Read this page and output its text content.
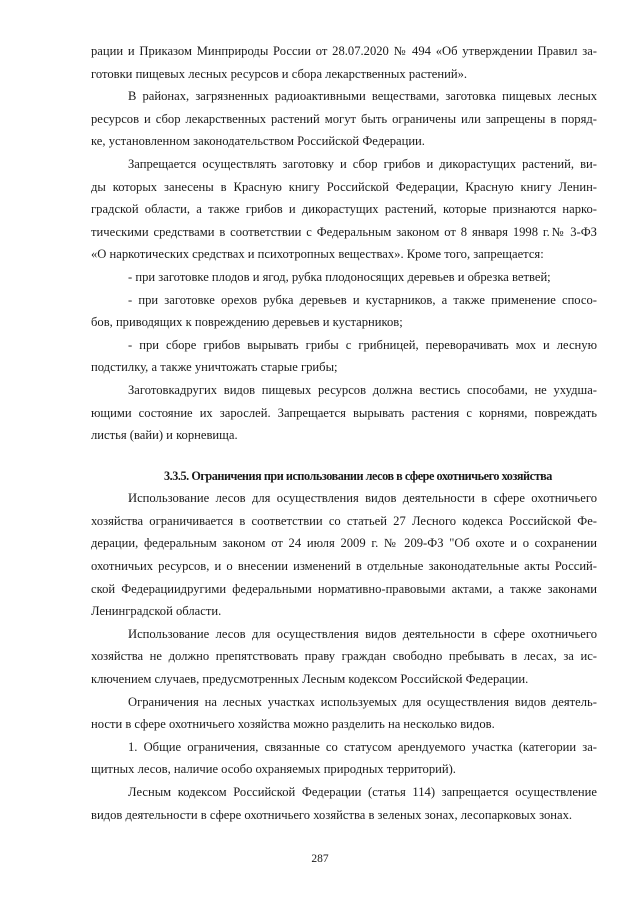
рации и Приказом Минприроды России от 28.07.2020 № 494 «Об утверждении Правил за-
готовки пищевых лесных ресурсов и сбора лекарственных растений».
В районах, загрязненных радиоактивными веществами, заготовка пищевых лесных
ресурсов и сбор лекарственных растений могут быть ограничены или запрещены в поряд-
ке, установленном законодательством Российской Федерации.
Запрещается осуществлять заготовку и сбор грибов и дикорастущих растений, ви-
ды которых занесены в Красную книгу Российской Федерации, Красную книгу Ленин-
градской области, а также грибов и дикорастущих растений, которые признаются нарко-
тическими средствами в соответствии с Федеральным законом от 8 января 1998 г.№ 3-ФЗ
«О наркотических средствах и психотропных веществах». Кроме того, запрещается:
- при заготовке плодов и ягод, рубка плодоносящих деревьев и обрезка ветвей;
- при заготовке орехов рубка деревьев и кустарников, а также применение спосо-
бов, приводящих к повреждению деревьев и кустарников;
- при сборе грибов вырывать грибы с грибницей, переворачивать мох и лесную
подстилку, а также уничтожать старые грибы;
Заготовкадругих видов пищевых ресурсов должна вестись способами, не ухудша-
ющими состояние их зарослей. Запрещается вырывать растения с корнями, повреждать
листья (вайи) и корневища.
3.3.5. Ограничения при использовании лесов в сфере охотничьего хозяйства
Использование лесов для осуществления видов деятельности в сфере охотничьего
хозяйства ограничивается в соответствии со статьей 27 Лесного кодекса Российской Фе-
дерации, федеральным законом от 24 июля 2009 г. № 209-ФЗ "Об охоте и о сохранении
охотничьих ресурсов, и о внесении изменений в отдельные законодательные акты Россий-
ской Федерациидругими федеральными нормативно-правовыми актами, а также законами
Ленинградской области.
Использование лесов для осуществления видов деятельности в сфере охотничьего
хозяйства не должно препятствовать праву граждан свободно пребывать в лесах, за ис-
ключением случаев, предусмотренных Лесным кодексом Российской Федерации.
Ограничения на лесных участках используемых для осуществления видов деятель-
ности в сфере охотничьего хозяйства можно разделить на несколько видов.
1. Общие ограничения, связанные со статусом арендуемого участка (категории за-
щитных лесов, наличие особо охраняемых природных территорий).
Лесным кодексом Российской Федерации (статья 114) запрещается осуществление
видов деятельности в сфере охотничьего хозяйства в зеленых зонах, лесопарковых зонах.
287
